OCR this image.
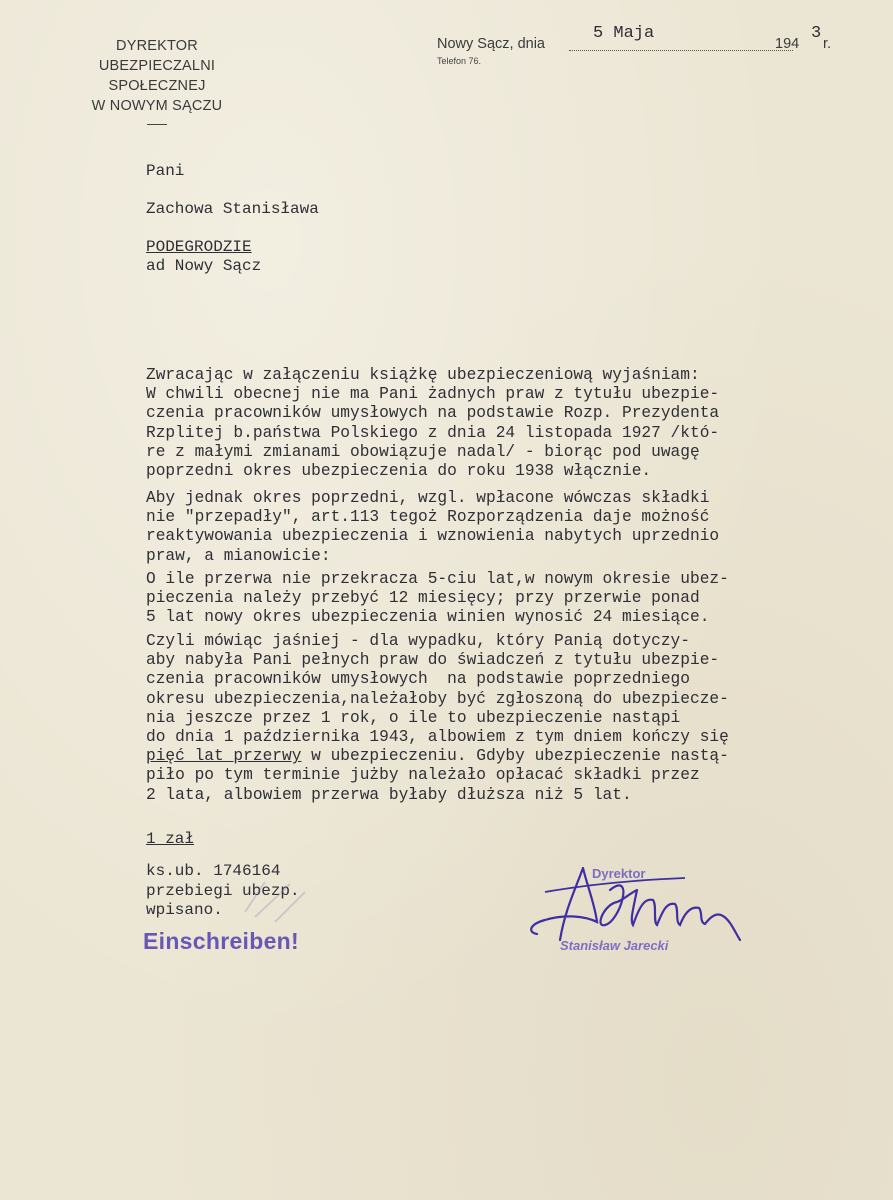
DYREKTOR
UBEZPIECZALNI SPOŁECZNEJ
W NOWYM SĄCZU
Nowy Sącz, dnia
5 Maja
194
3
r.
Telefon 76.
Pani
Zachowa Stanisława
PODEGRODZIE
ad Nowy Sącz
Zwracając w załączeniu książkę ubezpieczeniową wyjaśniam:
W chwili obecnej nie ma Pani żadnych praw z tytułu ubezpie-
czenia pracowników umysłowych na podstawie Rozp. Prezydenta
Rzplitej b.państwa Polskiego z dnia 24 listopada 1927 /któ-
re z małymi zmianami obowiązuje nadal/ - biorąc pod uwagę
poprzedni okres ubezpieczenia do roku 1938 włącznie.
Aby jednak okres poprzedni, wzgl. wpłacone wówczas składki
nie "przepadły", art.113 tegoż Rozporządzenia daje możność
reaktywowania ubezpieczenia i wznowienia nabytych uprzednio
praw, a mianowicie:
O ile przerwa nie przekracza 5-ciu lat,w nowym okresie ubez-
pieczenia należy przebyć 12 miesięcy; przy przerwie ponad
5 lat nowy okres ubezpieczenia winien wynosić 24 miesiące.
Czyli mówiąc jaśniej - dla wypadku, który Panią dotyczy-
aby nabyła Pani pełnych praw do świadczeń z tytułu ubezpie-
czenia pracowników umysłowych  na podstawie poprzedniego
okresu ubezpieczenia,należałoby być zgłoszoną do ubezpiecze-
nia jeszcze przez 1 rok, o ile to ubezpieczenie nastąpi
do dnia 1 października 1943, albowiem z tym dniem kończy się
pięć lat przerwy w ubezpieczeniu. Gdyby ubezpieczenie nastą-
piło po tym terminie jużby należało opłacać składki przez
2 lata, albowiem przerwa byłaby dłuższa niż 5 lat.
1 zał
ks.ub. 1746164
przebiegi ubezp.
wpisano.
Einschreiben!
Dyrektor
Stanisław Jarecki
